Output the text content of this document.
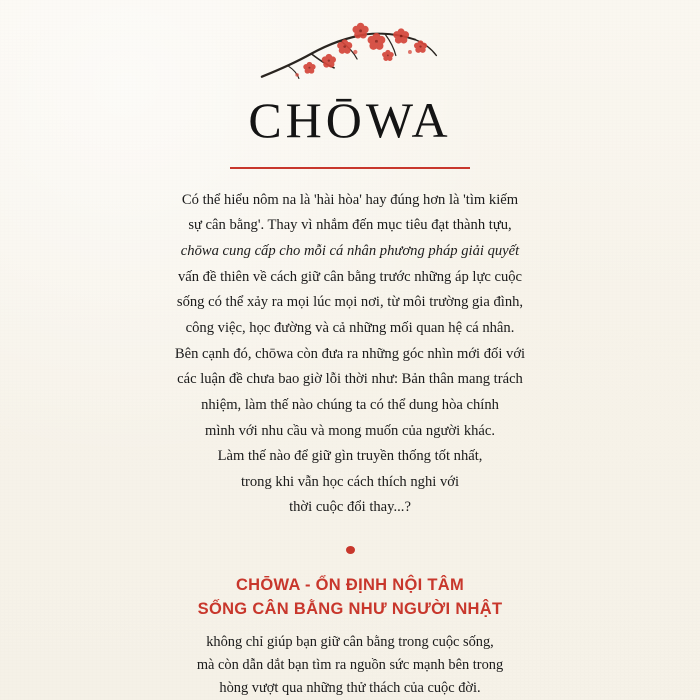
CHŌWA

Có thể hiểu nôm na là 'hài hòa' hay đúng hơn là 'tìm kiếm

sự cân bằng'. Thay vì nhắm đến mục tiêu đạt thành tựu,

chōwa cung cấp cho mỗi cá nhân phương pháp giải quyết

vấn đề thiên về cách giữ cân bằng trước những áp lực cuộc

sống có thể xảy ra mọi lúc mọi nơi, từ môi trường gia đình,

công việc, học đường và cả những mối quan hệ cá nhân.

Bên cạnh đó, chōwa còn đưa ra những góc nhìn mới đối với

các luận đề chưa bao giờ lỗi thời như: Bản thân mang trách

nhiệm, làm thế nào chúng ta có thể dung hòa chính

mình với nhu cầu và mong muốn của người khác.

Làm thế nào để giữ gìn truyền thống tốt nhất,

trong khi vẫn học cách thích nghi với

thời cuộc đổi thay...?

CHŌWA - ỔN ĐỊNH NỘI TÂM
SỐNG CÂN BẰNG NHƯ NGƯỜI NHẬT

không chỉ giúp bạn giữ cân bằng trong cuộc sống,

mà còn dẫn dắt bạn tìm ra nguồn sức mạnh bên trong

hòng vượt qua những thử thách của cuộc đời.
